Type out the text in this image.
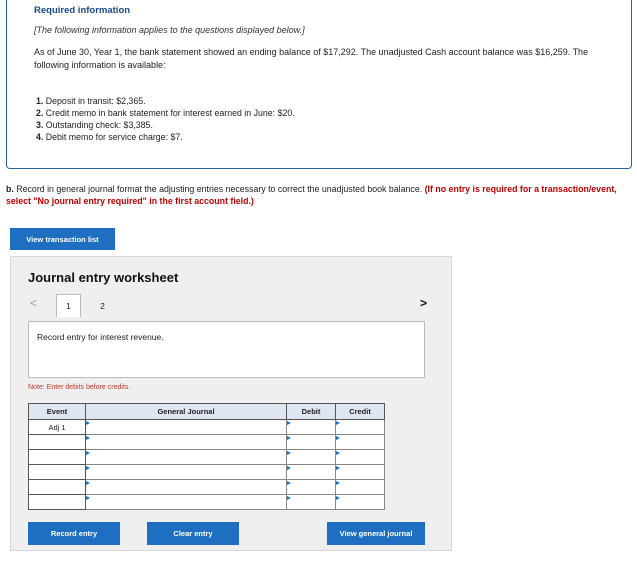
Required information
[The following information applies to the questions displayed below.]
As of June 30, Year 1, the bank statement showed an ending balance of $17,292. The unadjusted Cash account balance was $16,259. The following information is available:
1. Deposit in transit: $2,365.
2. Credit memo in bank statement for interest earned in June: $20.
3. Outstanding check: $3,385.
4. Debit memo for service charge: $7.
b. Record in general journal format the adjusting entries necessary to correct the unadjusted book balance. (If no entry is required for a transaction/event, select "No journal entry required" in the first account field.)
View transaction list
Journal entry worksheet
<	1	2	>
Record entry for interest revenue.
Note: Enter debits before credits.
Event	General Journal	Debit	Credit
Adj 1			

Record entry	Clear entry	View general journal
